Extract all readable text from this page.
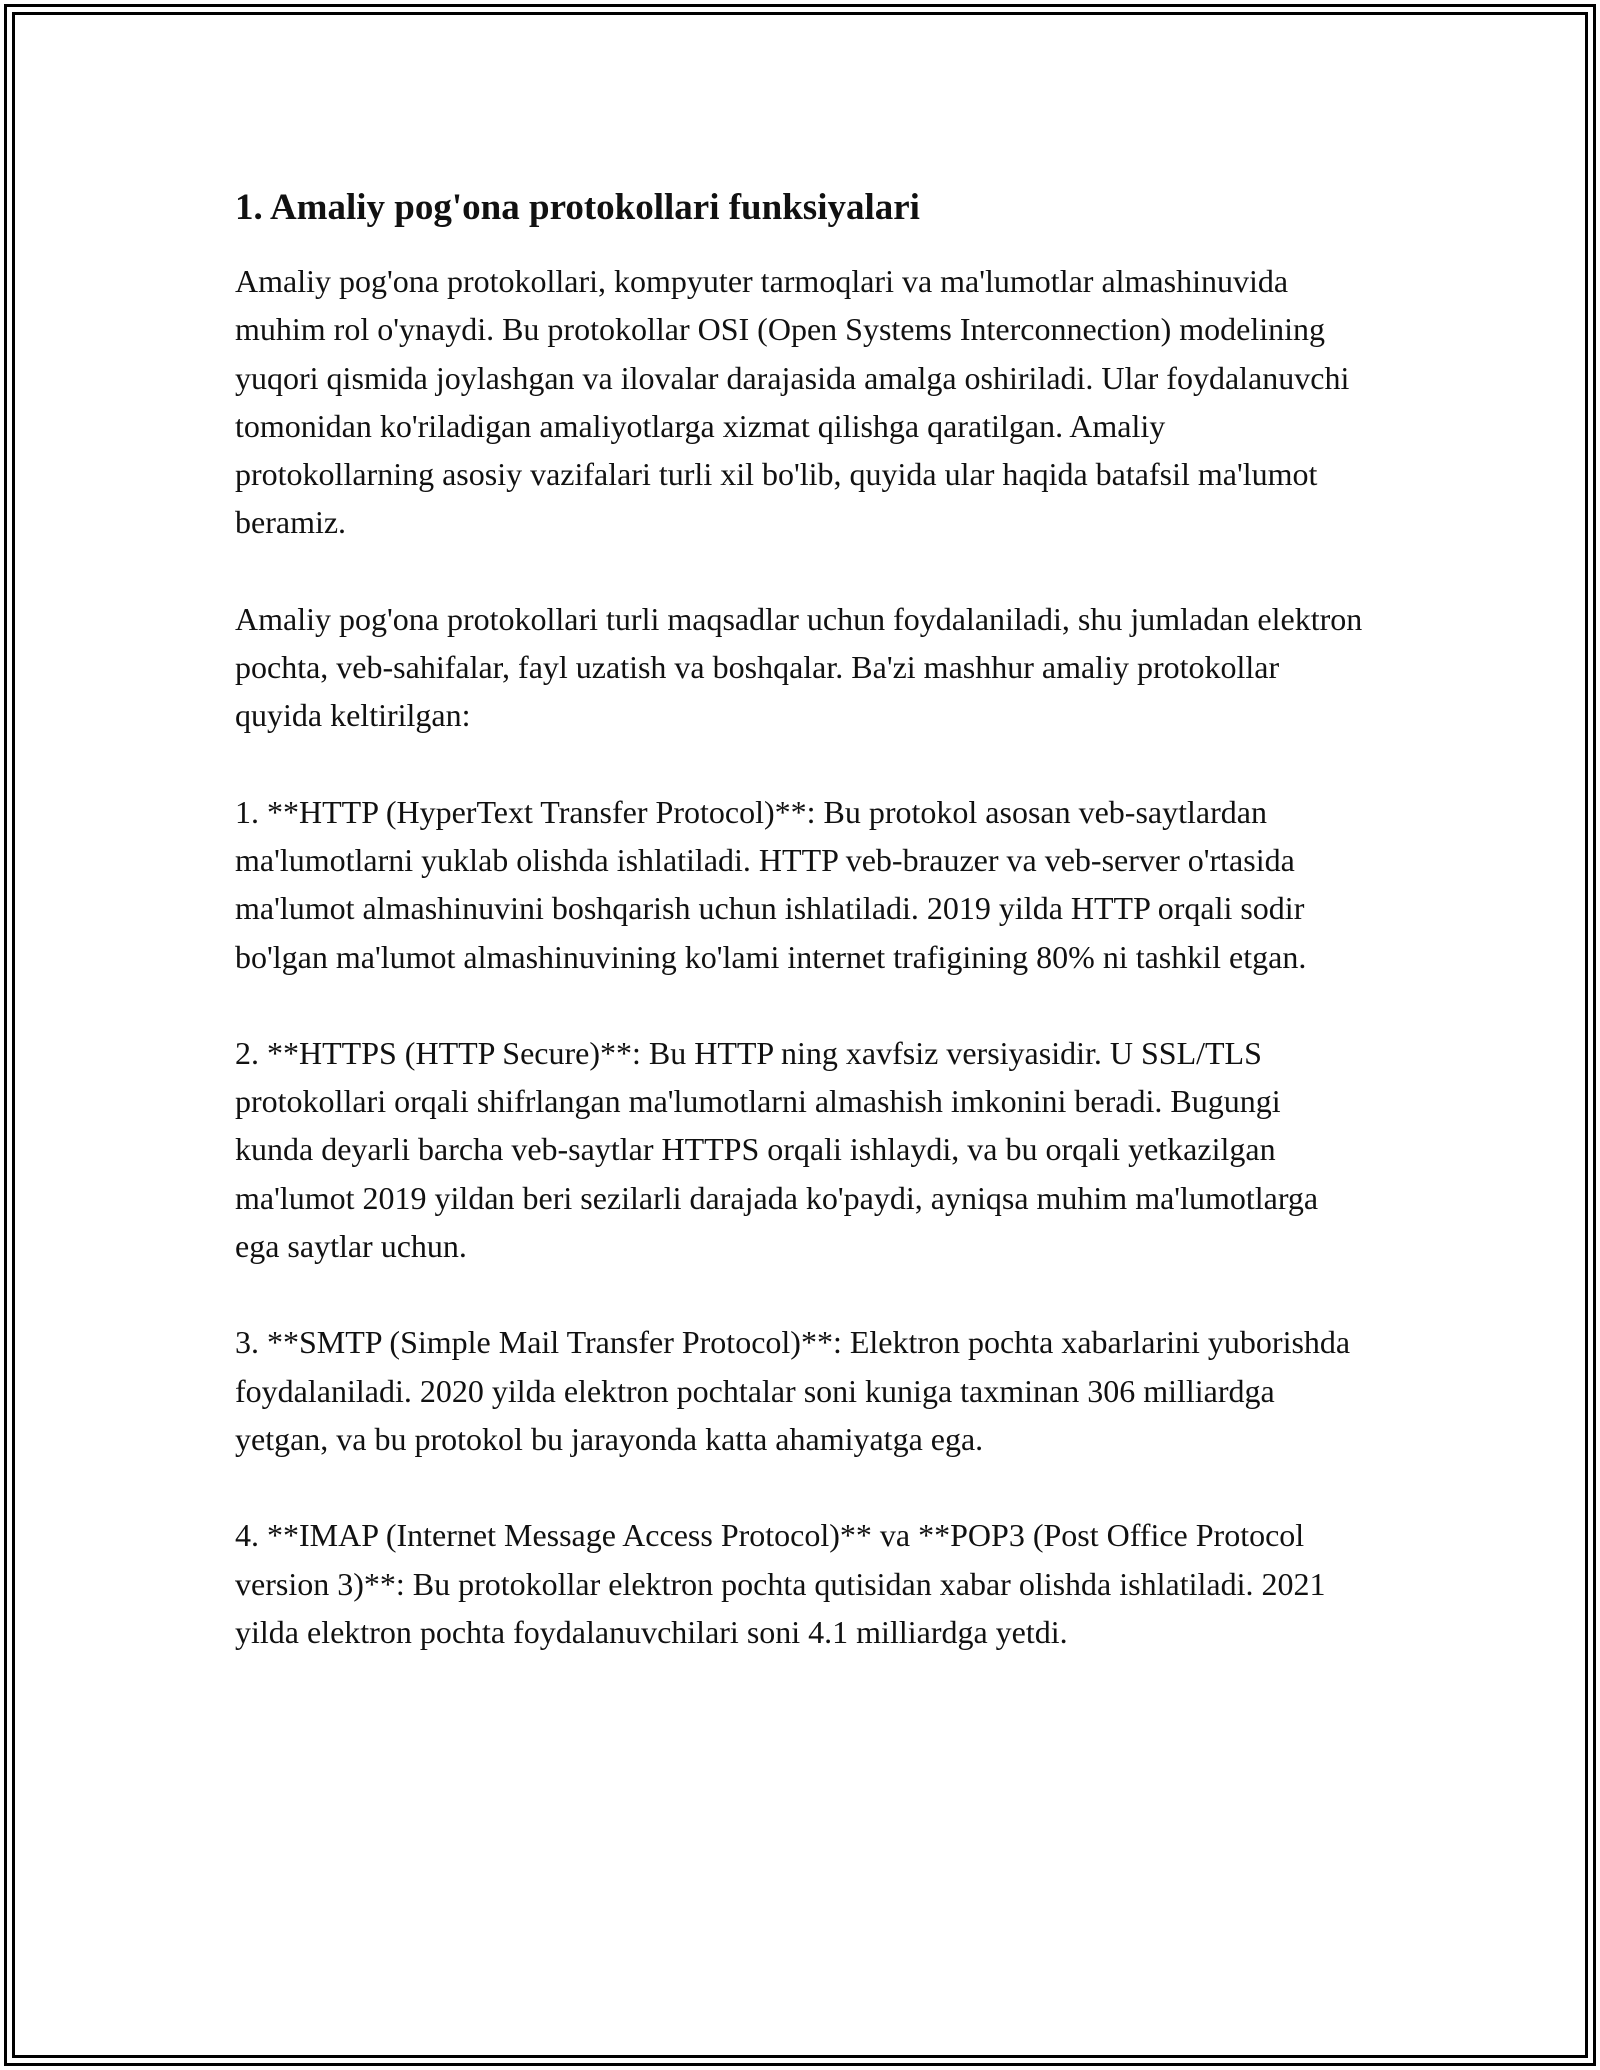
1. Amaliy pog'ona protokollari funksiyalari

Amaliy pog'ona protokollari, kompyuter tarmoqlari va ma'lumotlar almashinuvida muhim rol o'ynaydi. Bu protokollar OSI (Open Systems Interconnection) modelining yuqori qismida joylashgan va ilovalar darajasida amalga oshiriladi. Ular foydalanuvchi tomonidan ko'riladigan amaliyotlarga xizmat qilishga qaratilgan. Amaliy protokollarning asosiy vazifalari turli xil bo'lib, quyida ular haqida batafsil ma'lumot beramiz.

Amaliy pog'ona protokollari turli maqsadlar uchun foydalaniladi, shu jumladan elektron pochta, veb-sahifalar, fayl uzatish va boshqalar. Ba'zi mashhur amaliy protokollar quyida keltirilgan:

1. **HTTP (HyperText Transfer Protocol)**: Bu protokol asosan veb-saytlardan ma'lumotlarni yuklab olishda ishlatiladi. HTTP veb-brauzer va veb-server o'rtasida ma'lumot almashinuvini boshqarish uchun ishlatiladi. 2019 yilda HTTP orqali sodir bo'lgan ma'lumot almashinuvining ko'lami internet trafigining 80% ni tashkil etgan.

2. **HTTPS (HTTP Secure)**: Bu HTTP ning xavfsiz versiyasidir. U SSL/TLS protokollari orqali shifrlangan ma'lumotlarni almashish imkonini beradi. Bugungi kunda deyarli barcha veb-saytlar HTTPS orqali ishlaydi, va bu orqali yetkazilgan ma'lumot 2019 yildan beri sezilarli darajada ko'paydi, ayniqsa muhim ma'lumotlarga ega saytlar uchun.

3. **SMTP (Simple Mail Transfer Protocol)**: Elektron pochta xabarlarini yuborishda foydalaniladi. 2020 yilda elektron pochtalar soni kuniga taxminan 306 milliardga yetgan, va bu protokol bu jarayonda katta ahamiyatga ega.

4. **IMAP (Internet Message Access Protocol)** va **POP3 (Post Office Protocol version 3)**: Bu protokollar elektron pochta qutisidan xabar olishda ishlatiladi. 2021 yilda elektron pochta foydalanuvchilari soni 4.1 milliardga yetdi.
